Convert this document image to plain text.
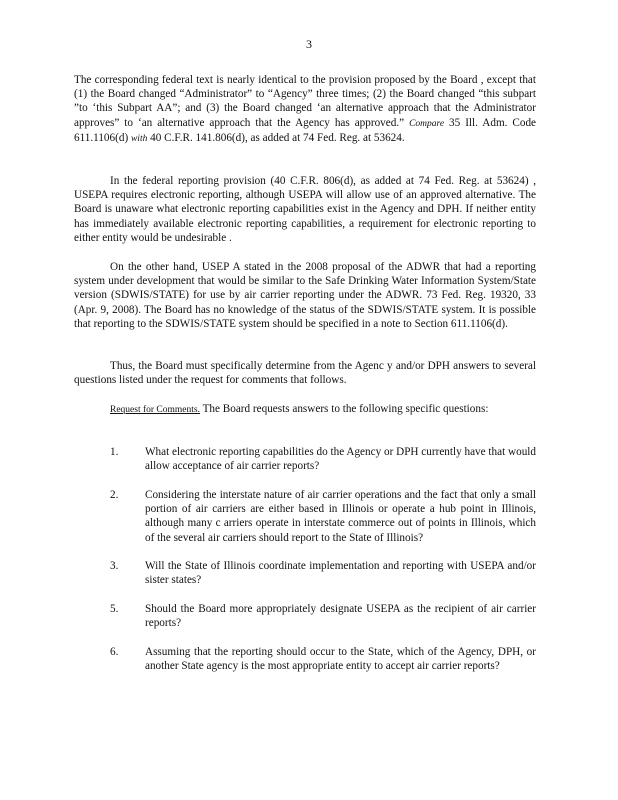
3

The corresponding federal text is nearly identical to the provision proposed by the Board , except that (1) the Board changed “Administrator” to “Agency” three times; (2) the Board changed “this subpart ”to ‘this Subpart AA”; and (3) the Board changed ‘an alternative approach that the Administrator approves” to ‘an alternative approach that the Agency has approved.” Compare 35 Ill. Adm. Code 611.1106(d) with 40 C.F.R. 141.806(d), as added at 74 Fed. Reg. at 53624.

In the federal reporting provision (40 C.F.R. 806(d), as added at 74 Fed. Reg. at 53624) , USEPA requires electronic reporting, although USEPA will allow use of an approved alternative. The Board is unaware what electronic reporting capabilities exist in the Agency and DPH. If neither entity has immediately available electronic reporting capabilities, a requirement for electronic reporting to either entity would be undesirable .

On the other hand, USEP A stated in the 2008 proposal of the ADWR that had a reporting system under development that would be similar to the Safe Drinking Water Information System/State version (SDWIS/STATE) for use by air carrier reporting under the ADWR. 73 Fed. Reg. 19320, 33 (Apr. 9, 2008). The Board has no knowledge of the status of the SDWIS/STATE system. It is possible that reporting to the SDWIS/STATE system should be specified in a note to Section 611.1106(d).

Thus, the Board must specifically determine from the Agenc y and/or DPH answers to several questions listed under the request for comments that follows.

Request for Comments. The Board requests answers to the following specific questions:

1. What electronic reporting capabilities do the Agency or DPH currently have that would allow acceptance of air carrier reports?
2. Considering the interstate nature of air carrier operations and the fact that only a small portion of air carriers are either based in Illinois or operate a hub point in Illinois, although many c arriers operate in interstate commerce out of points in Illinois, which of the several air carriers should report to the State of Illinois?
3. Will the State of Illinois coordinate implementation and reporting with USEPA and/or sister states?
5. Should the Board more appropriately designate USEPA as the recipient of air carrier reports?
6. Assuming that the reporting should occur to the State, which of the Agency, DPH, or another State agency is the most appropriate entity to accept air carrier reports?
